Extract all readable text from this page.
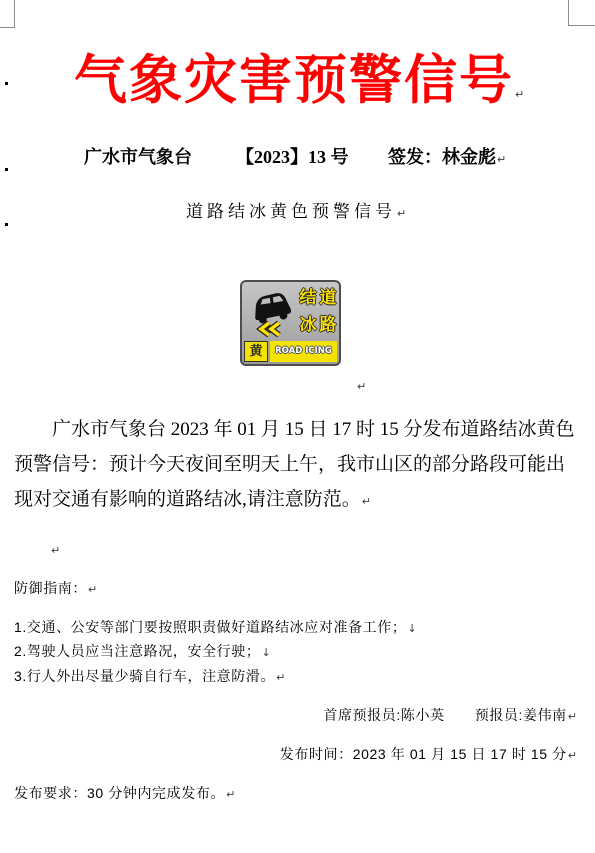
气象灾害预警信号↵
广水市气象台 【2023】13 号 签发：林金彪↵
道路结冰黄色预警信号↵
结 道
冰 路
黄	ROAD ICING
↵
广水市气象台 2023 年 01 月 15 日 17 时 15 分发布道路结冰黄色
预警信号：预计今天夜间至明天上午，我市山区的部分路段可能出
现对交通有影响的道路结冰,请注意防范。↵
↵
防御指南：↵
1.交通、公安等部门要按照职责做好道路结冰应对准备工作；↓
2.驾驶人员应当注意路况，安全行驶；↓
3.行人外出尽量少骑自行车，注意防滑。↵
首席预报员:陈小英 预报员:姜伟南↵
发布时间：2023 年 01 月 15 日 17 时 15 分↵
发布要求：30 分钟内完成发布。↵
